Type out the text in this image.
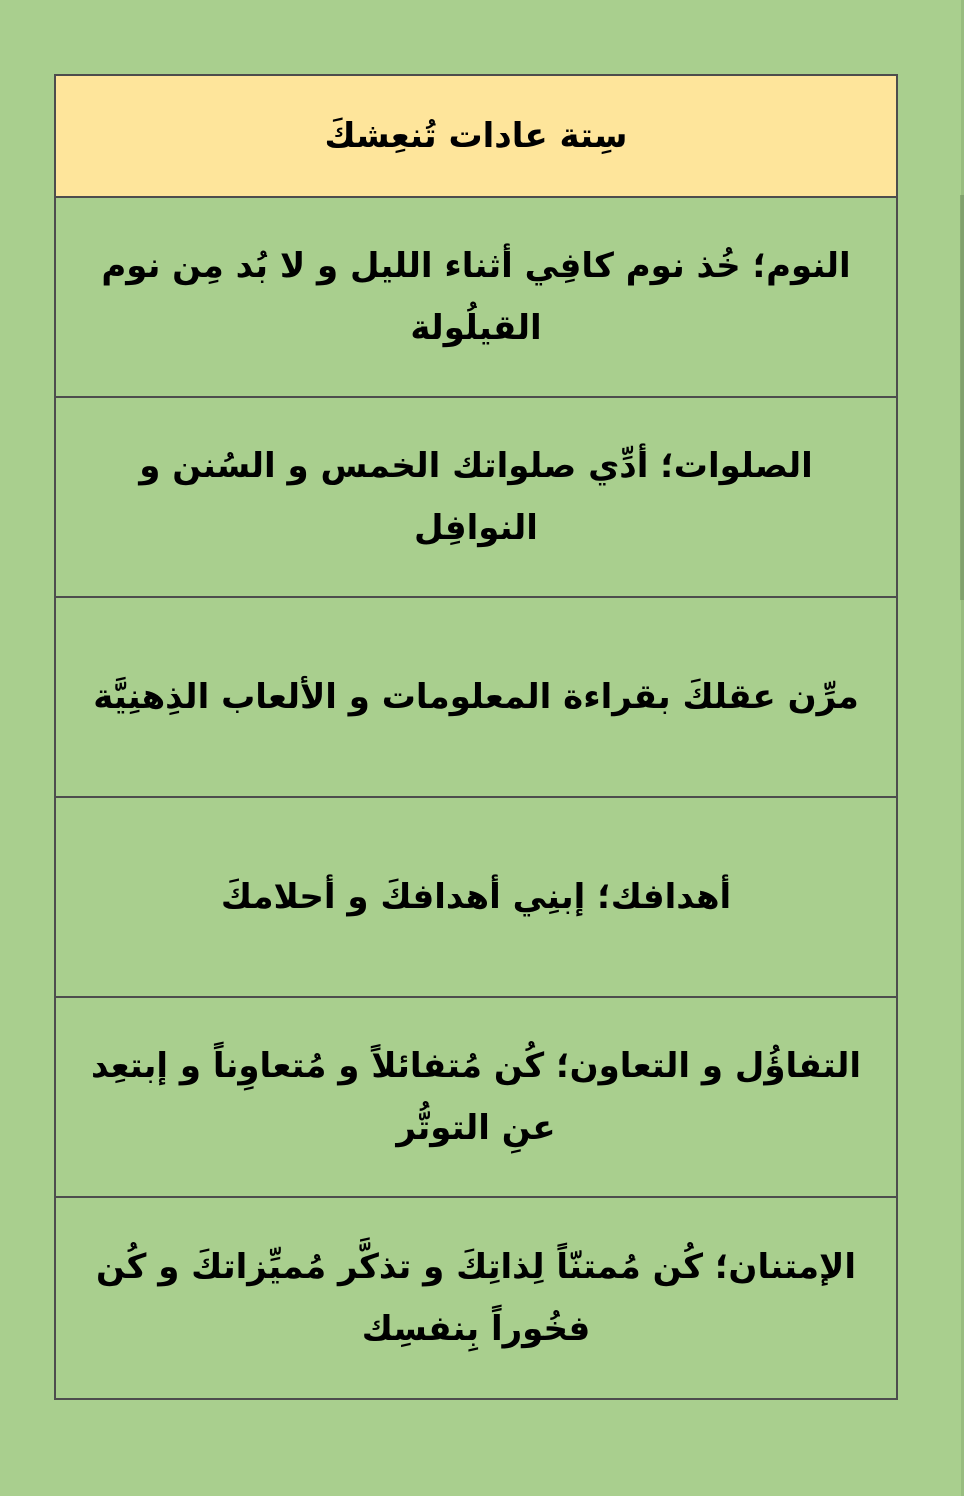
سِتة عادات تُنعِشكَ
النوم؛ خُذ نوم كافِي أثناء الليل و لا بُد مِن نوم القيلُولة
الصلوات؛ أدِّي صلواتك الخمس و السُنن و النوافِل
مرِّن عقلكَ بقراءة المعلومات و الألعاب الذِهنِيَّة
أهدافك؛ إبنِي أهدافكَ و أحلامكَ
التفاؤُل و التعاون؛ كُن مُتفائلاً و مُتعاوِناً و إبتعِد عنِ التوتُّر
الإمتنان؛ كُن مُمتنّاً لِذاتِكَ و تذكَّر مُميِّزاتكَ و كُن فخُوراً بِنفسِك
